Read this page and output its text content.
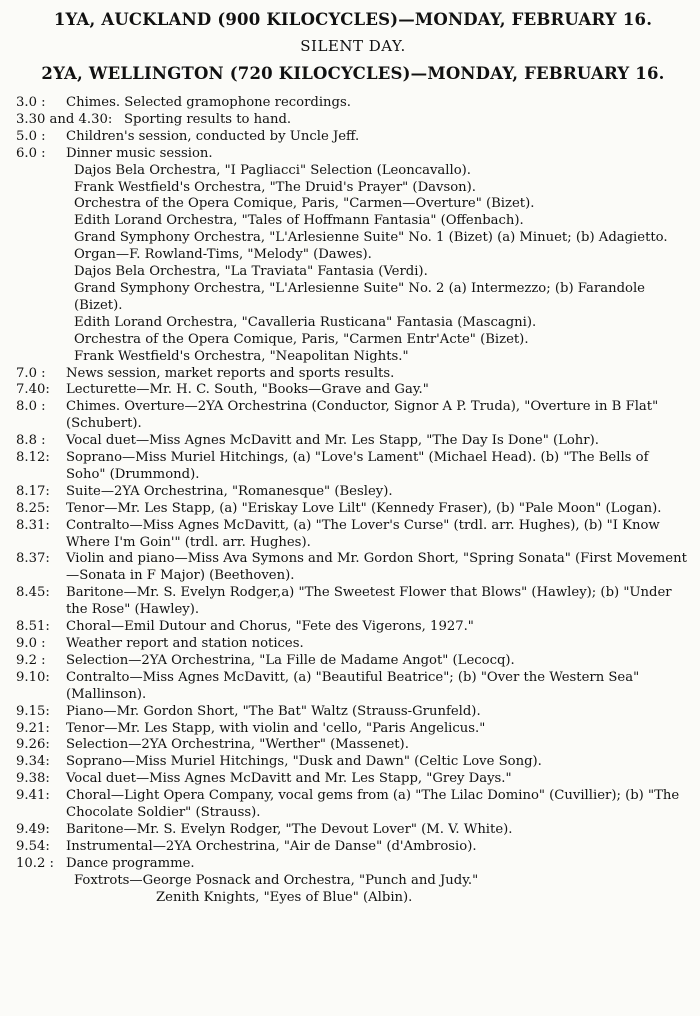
1YA, AUCKLAND (900 KILOCYCLES)—MONDAY, FEBRUARY 16.
SILENT DAY.
2YA, WELLINGTON (720 KILOCYCLES)—MONDAY, FEBRUARY 16.
3.0 :	Chimes. Selected gramophone recordings.
3.30 and 4.30: Sporting results to hand.
5.0 :	Children's session, conducted by Uncle Jeff.
6.0 :	Dinner music session.
Dajos Bela Orchestra, "I Pagliacci" Selection (Leoncavallo).
Frank Westfield's Orchestra, "The Druid's Prayer" (Davson).
Orchestra of the Opera Comique, Paris, "Carmen—Overture" (Bizet).
Edith Lorand Orchestra, "Tales of Hoffmann Fantasia" (Offenbach).
Grand Symphony Orchestra, "L'Arlesienne Suite" No. 1 (Bizet) (a) Minuet; (b) Adagietto.
Organ—F. Rowland-Tims, "Melody" (Dawes).
Dajos Bela Orchestra, "La Traviata" Fantasia (Verdi).
Grand Symphony Orchestra, "L'Arlesienne Suite" No. 2 (a) Intermezzo; (b) Farandole (Bizet).
Edith Lorand Orchestra, "Cavalleria Rusticana" Fantasia (Mascagni).
Orchestra of the Opera Comique, Paris, "Carmen Entr'Acte" (Bizet).
Frank Westfield's Orchestra, "Neapolitan Nights."
7.0 :	News session, market reports and sports results.
7.40:	Lecturette—Mr. H. C. South, "Books—Grave and Gay."
8.0 :	Chimes. Overture—2YA Orchestrina (Conductor, Signor A P. Truda), "Overture in B Flat" (Schubert).
8.8 :	Vocal duet—Miss Agnes McDavitt and Mr. Les Stapp, "The Day Is Done" (Lohr).
8.12:	Soprano—Miss Muriel Hitchings, (a) "Love's Lament" (Michael Head). (b) "The Bells of Soho" (Drummond).
8.17:	Suite—2YA Orchestrina, "Romanesque" (Besley).
8.25:	Tenor—Mr. Les Stapp, (a) "Eriskay Love Lilt" (Kennedy Fraser), (b) "Pale Moon" (Logan).
8.31:	Contralto—Miss Agnes McDavitt, (a) "The Lover's Curse" (trdl. arr. Hughes), (b) "I Know Where I'm Goin'" (trdl. arr. Hughes).
8.37:	Violin and piano—Miss Ava Symons and Mr. Gordon Short, "Spring Sonata" (First Movement—Sonata in F Major) (Beethoven).
8.45:	Baritone—Mr. S. Evelyn Rodger,a) "The Sweetest Flower that Blows" (Hawley); (b) "Under the Rose" (Hawley).
8.51:	Choral—Emil Dutour and Chorus, "Fete des Vigerons, 1927."
9.0 :	Weather report and station notices.
9.2 :	Selection—2YA Orchestrina, "La Fille de Madame Angot" (Lecocq).
9.10:	Contralto—Miss Agnes McDavitt, (a) "Beautiful Beatrice"; (b) "Over the Western Sea" (Mallinson).
9.15:	Piano—Mr. Gordon Short, "The Bat" Waltz (Strauss-Grunfeld).
9.21:	Tenor—Mr. Les Stapp, with violin and 'cello, "Paris Angelicus."
9.26:	Selection—2YA Orchestrina, "Werther" (Massenet).
9.34:	Soprano—Miss Muriel Hitchings, "Dusk and Dawn" (Celtic Love Song).
9.38:	Vocal duet—Miss Agnes McDavitt and Mr. Les Stapp, "Grey Days."
9.41:	Choral—Light Opera Company, vocal gems from (a) "The Lilac Domino" (Cuvillier); (b) "The Chocolate Soldier" (Strauss).
9.49:	Baritone—Mr. S. Evelyn Rodger, "The Devout Lover" (M. V. White).
9.54:	Instrumental—2YA Orchestrina, "Air de Danse" (d'Ambrosio).
10.2 : Dance programme.
Foxtrots—George Posnack and Orchestra, "Punch and Judy."
Zenith Knights, "Eyes of Blue" (Albin).
